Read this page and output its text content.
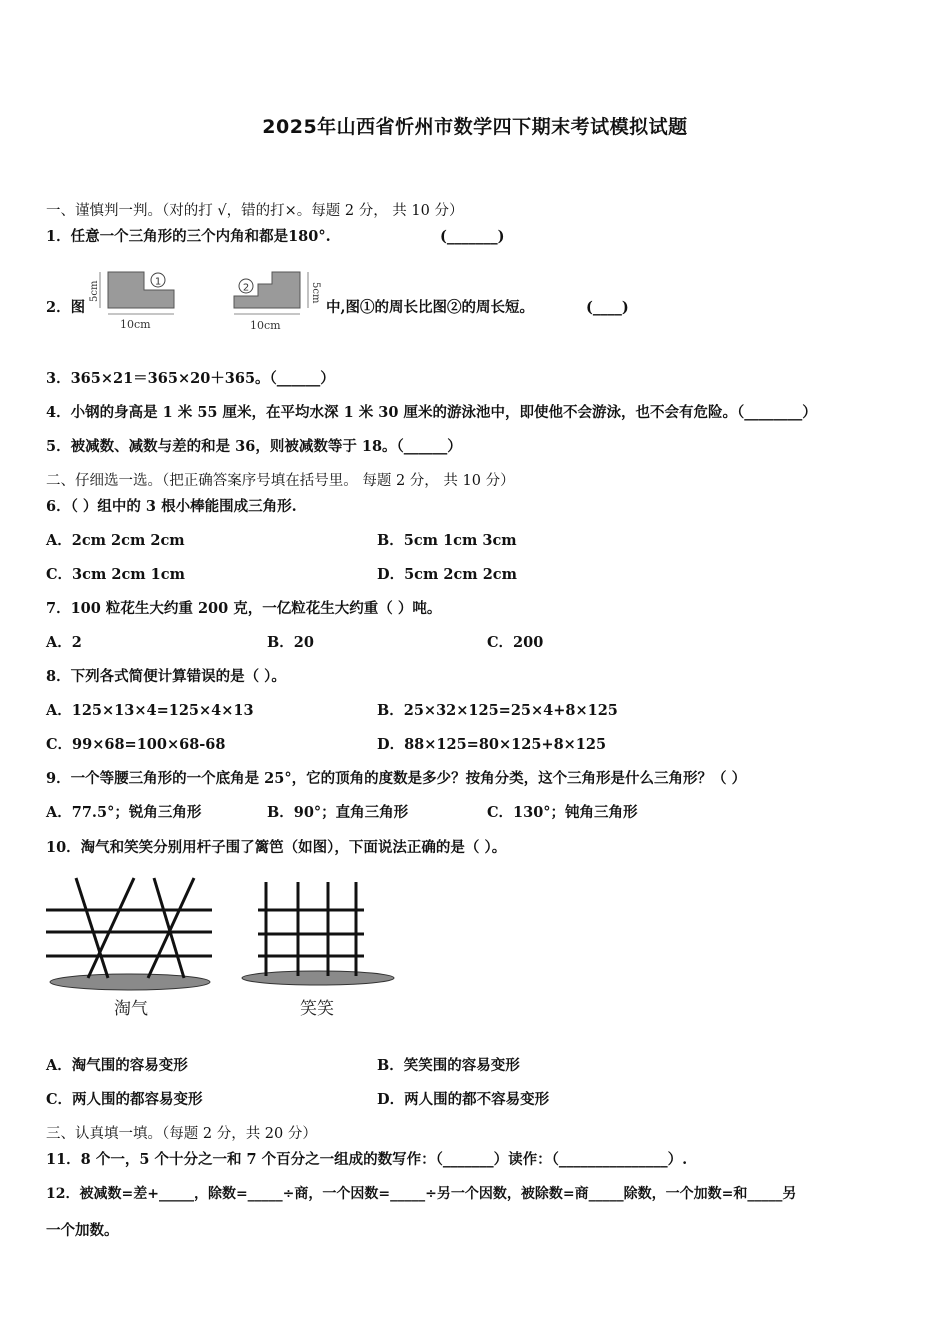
2025年山西省忻州市数学四下期末考试模拟试题
一、谨慎判一判。（对的打 √，错的打×。每题 2 分， 共 10 分）
1．任意一个三角形的三个内角和都是180°.	(_______)
2．图
1
5cm
10cm
2	5cm
10cm
中,图①的周长比图②的周长短。	(____)
3．365×21＝365×20＋365。（______）
4．小钢的身高是 1 米 55 厘米，在平均水深 1 米 30 厘米的游泳池中，即使他不会游泳，也不会有危险。（________）
5．被减数、减数与差的和是 36，则被减数等于 18。（______）
二、仔细选一选。（把正确答案序号填在括号里。 每题 2 分， 共 10 分）
6．（ ）组中的 3 根小棒能围成三角形.
A．2cm 2cm 2cm	B．5cm 1cm 3cm
C．3cm 2cm 1cm	D．5cm 2cm 2cm
7．100 粒花生大约重 200 克，一亿粒花生大约重（ ）吨。
A．2	B．20	C．200
8．下列各式简便计算错误的是（ ）。
A．125×13×4=125×4×13	B．25×32×125=25×4+8×125
C．99×68=100×68-68	D．88×125=80×125+8×125
9．一个等腰三角形的一个底角是 25°，它的顶角的度数是多少？按角分类，这个三角形是什么三角形？（ ）
A．77.5°；锐角三角形	B．90°；直角三角形	C．130°；钝角三角形
10．淘气和笑笑分别用杆子围了篱笆（如图），下面说法正确的是（ ）。
淘气	笑笑
A．淘气围的容易变形	B．笑笑围的容易变形
C．两人围的都容易变形	D．两人围的都不容易变形
三、认真填一填。（每题 2 分，共 20 分）
11．8 个一，5 个十分之一和 7 个百分之一组成的数写作：（_______）读作：（_______________）.
12．被减数=差+_____，除数=_____÷商，一个因数=_____÷另一个因数，被除数=商_____除数，一个加数=和_____另
一个加数。
